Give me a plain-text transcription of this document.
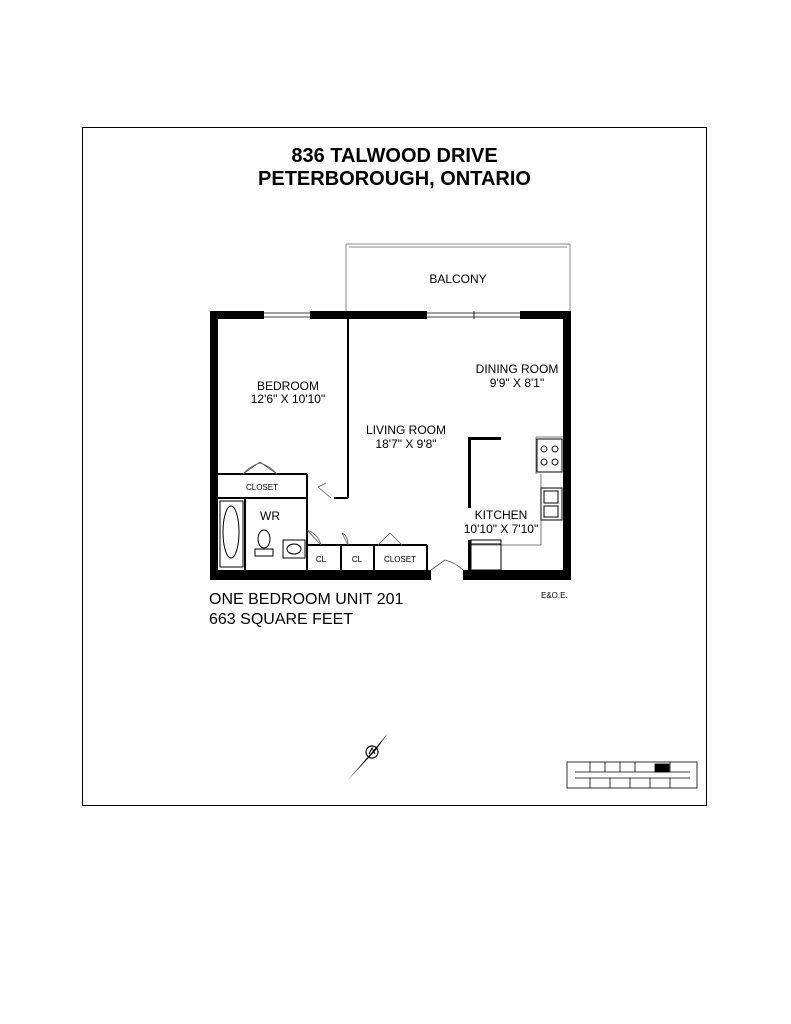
836 TALWOOD DRIVE
PETERBOROUGH, ONTARIO
BALCONY
BEDROOM
12'6" X 10'10"
LIVING ROOM
18'7" X 9'8"
DINING ROOM
9'9" X 8'1"
KITCHEN
10'10" X 7'10"
WR
CLOSET
CL	CL	CLOSET
ONE BEDROOM UNIT 201
663 SQUARE FEET
E&O.E.
